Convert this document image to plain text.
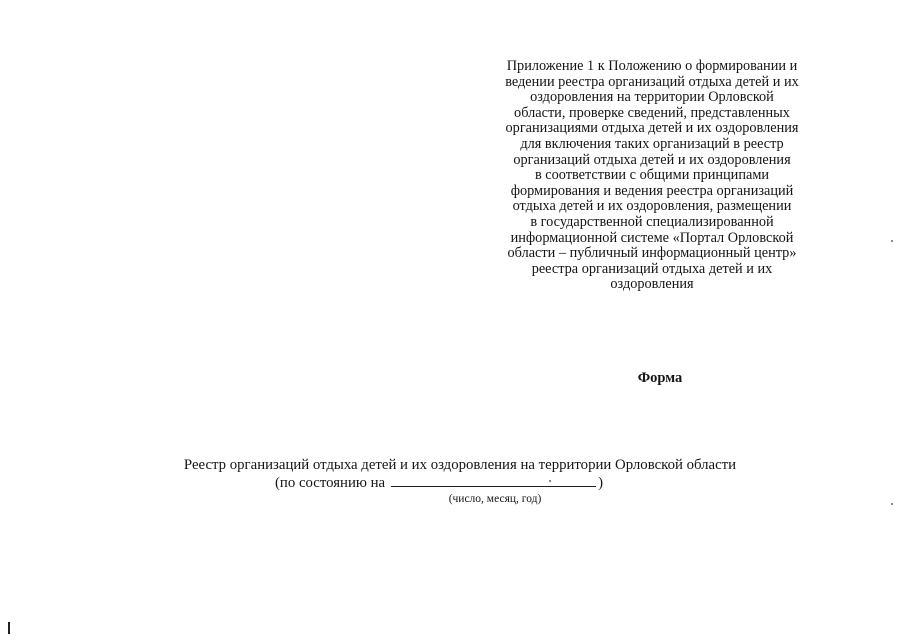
Приложение 1 к Положению о формировании и
ведении реестра организаций отдыха детей и их
оздоровления на территории Орловской
области, проверке сведений, представленных
организациями отдыха детей и их оздоровления
для включения таких организаций в реестр
организаций отдыха детей и их оздоровления
в соответствии с общими принципами
формирования и ведения реестра организаций
отдыха детей и их оздоровления, размещении
в государственной специализированной
информационной системе «Портал Орловской
области – публичный информационный центр»
реестра организаций отдыха детей и их
оздоровления
Форма
Реестр организаций отдыха детей и их оздоровления на территории Орловской области
(по состоянию на	)
(число, месяц, год)
